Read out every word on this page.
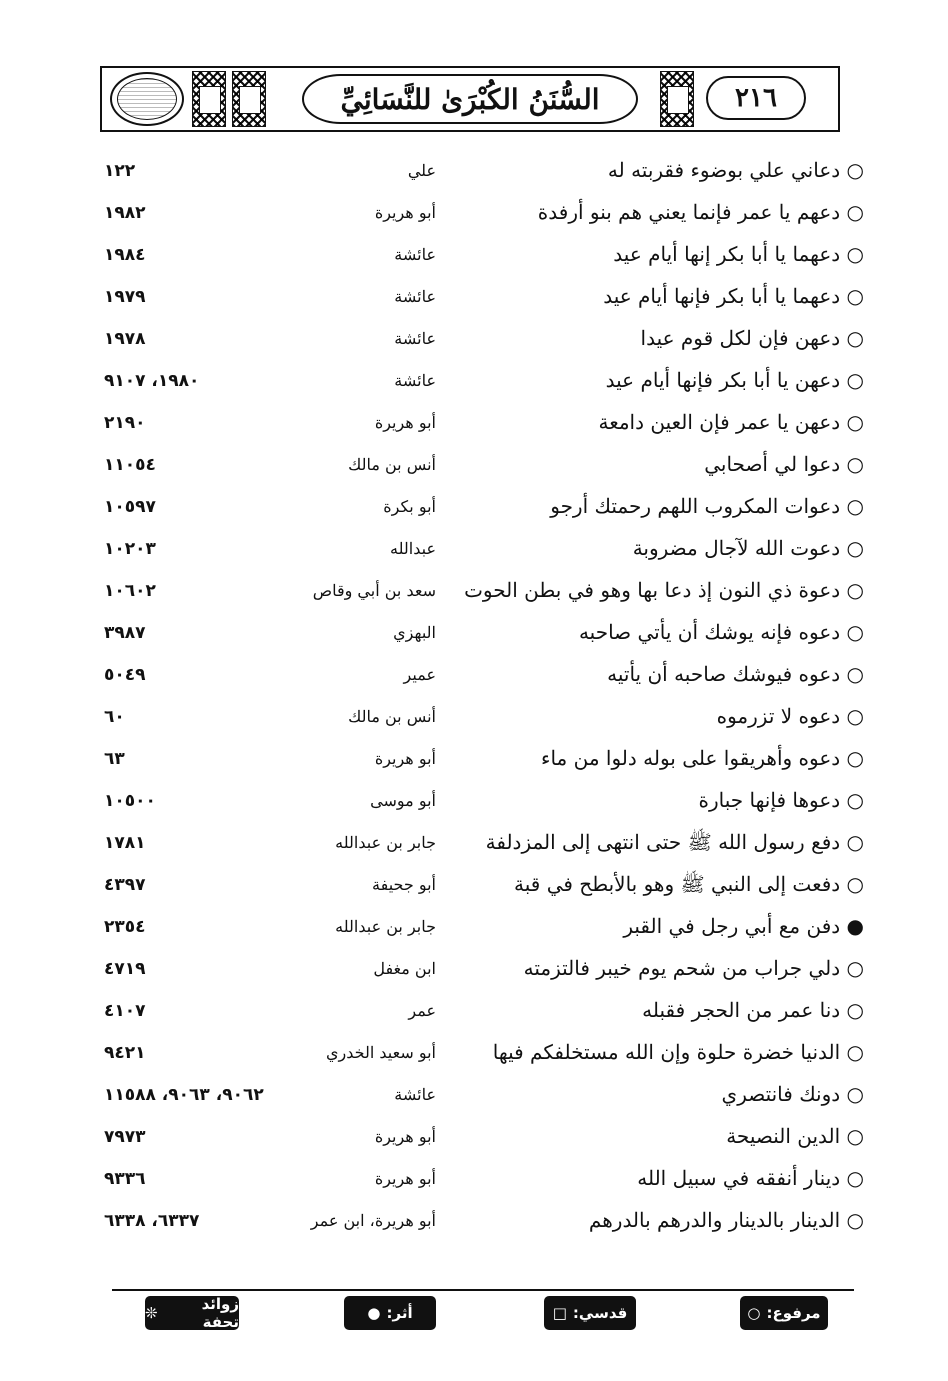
السُّنَنُ الكُبْرَىٰ للنَّسَائِيِّ	٢١٦
○ دعاني علي بوضوء فقربته له
علي
١٢٢
○ دعهم يا عمر فإنما يعني هم بنو أرفدة
أبو هريرة
١٩٨٢
○ دعهما يا أبا بكر إنها أيام عيد
عائشة
١٩٨٤
○ دعهما يا أبا بكر فإنها أيام عيد
عائشة
١٩٧٩
○ دعهن فإن لكل قوم عيدا
عائشة
١٩٧٨
○ دعهن يا أبا بكر فإنها أيام عيد
عائشة
١٩٨٠، ٩١٠٧
○ دعهن يا عمر فإن العين دامعة
أبو هريرة
٢١٩٠
○ دعوا لي أصحابي
أنس بن مالك
١١٠٥٤
○ دعوات المكروب اللهم رحمتك أرجو
أبو بكرة
١٠٥٩٧
○ دعوت الله لآجال مضروبة
عبدالله
١٠٢٠٣
○ دعوة ذي النون إذ دعا بها وهو في بطن الحوت
سعد بن أبي وقاص
١٠٦٠٢
○ دعوه فإنه يوشك أن يأتي صاحبه
البهزي
٣٩٨٧
○ دعوه فيوشك صاحبه أن يأتيه
عمير
٥٠٤٩
○ دعوه لا تزرموه
أنس بن مالك
٦٠
○ دعوه وأهريقوا على بوله دلوا من ماء
أبو هريرة
٦٣
○ دعوها فإنها جبارة
أبو موسى
١٠٥٠٠
○ دفع رسول الله ﷺ حتى انتهى إلى المزدلفة
جابر بن عبدالله
١٧٨١
○ دفعت إلى النبي ﷺ وهو بالأبطح في قبة
أبو جحيفة
٤٣٩٧
● دفن مع أبي رجل في القبر
جابر بن عبدالله
٢٣٥٤
○ دلي جراب من شحم يوم خيبر فالتزمته
ابن مغفل
٤٧١٩
○ دنا عمر من الحجر فقبله
عمر
٤١٠٧
○ الدنيا خضرة حلوة وإن الله مستخلفكم فيها
أبو سعيد الخدري
٩٤٢١
○ دونك فانتصري
عائشة
٩٠٦٢، ٩٠٦٣، ١١٥٨٨
○ الدين النصيحة
أبو هريرة
٧٩٧٣
○ دينار أنفقه في سبيل الله
أبو هريرة
٩٣٣٦
○ الدينار بالدينار والدرهم بالدرهم
أبو هريرة، ابن عمر
٦٣٣٧، ٦٣٣٨
مرفوع:
○
قدسي:
□
أثر:
●
زوائد تحفة
❊
